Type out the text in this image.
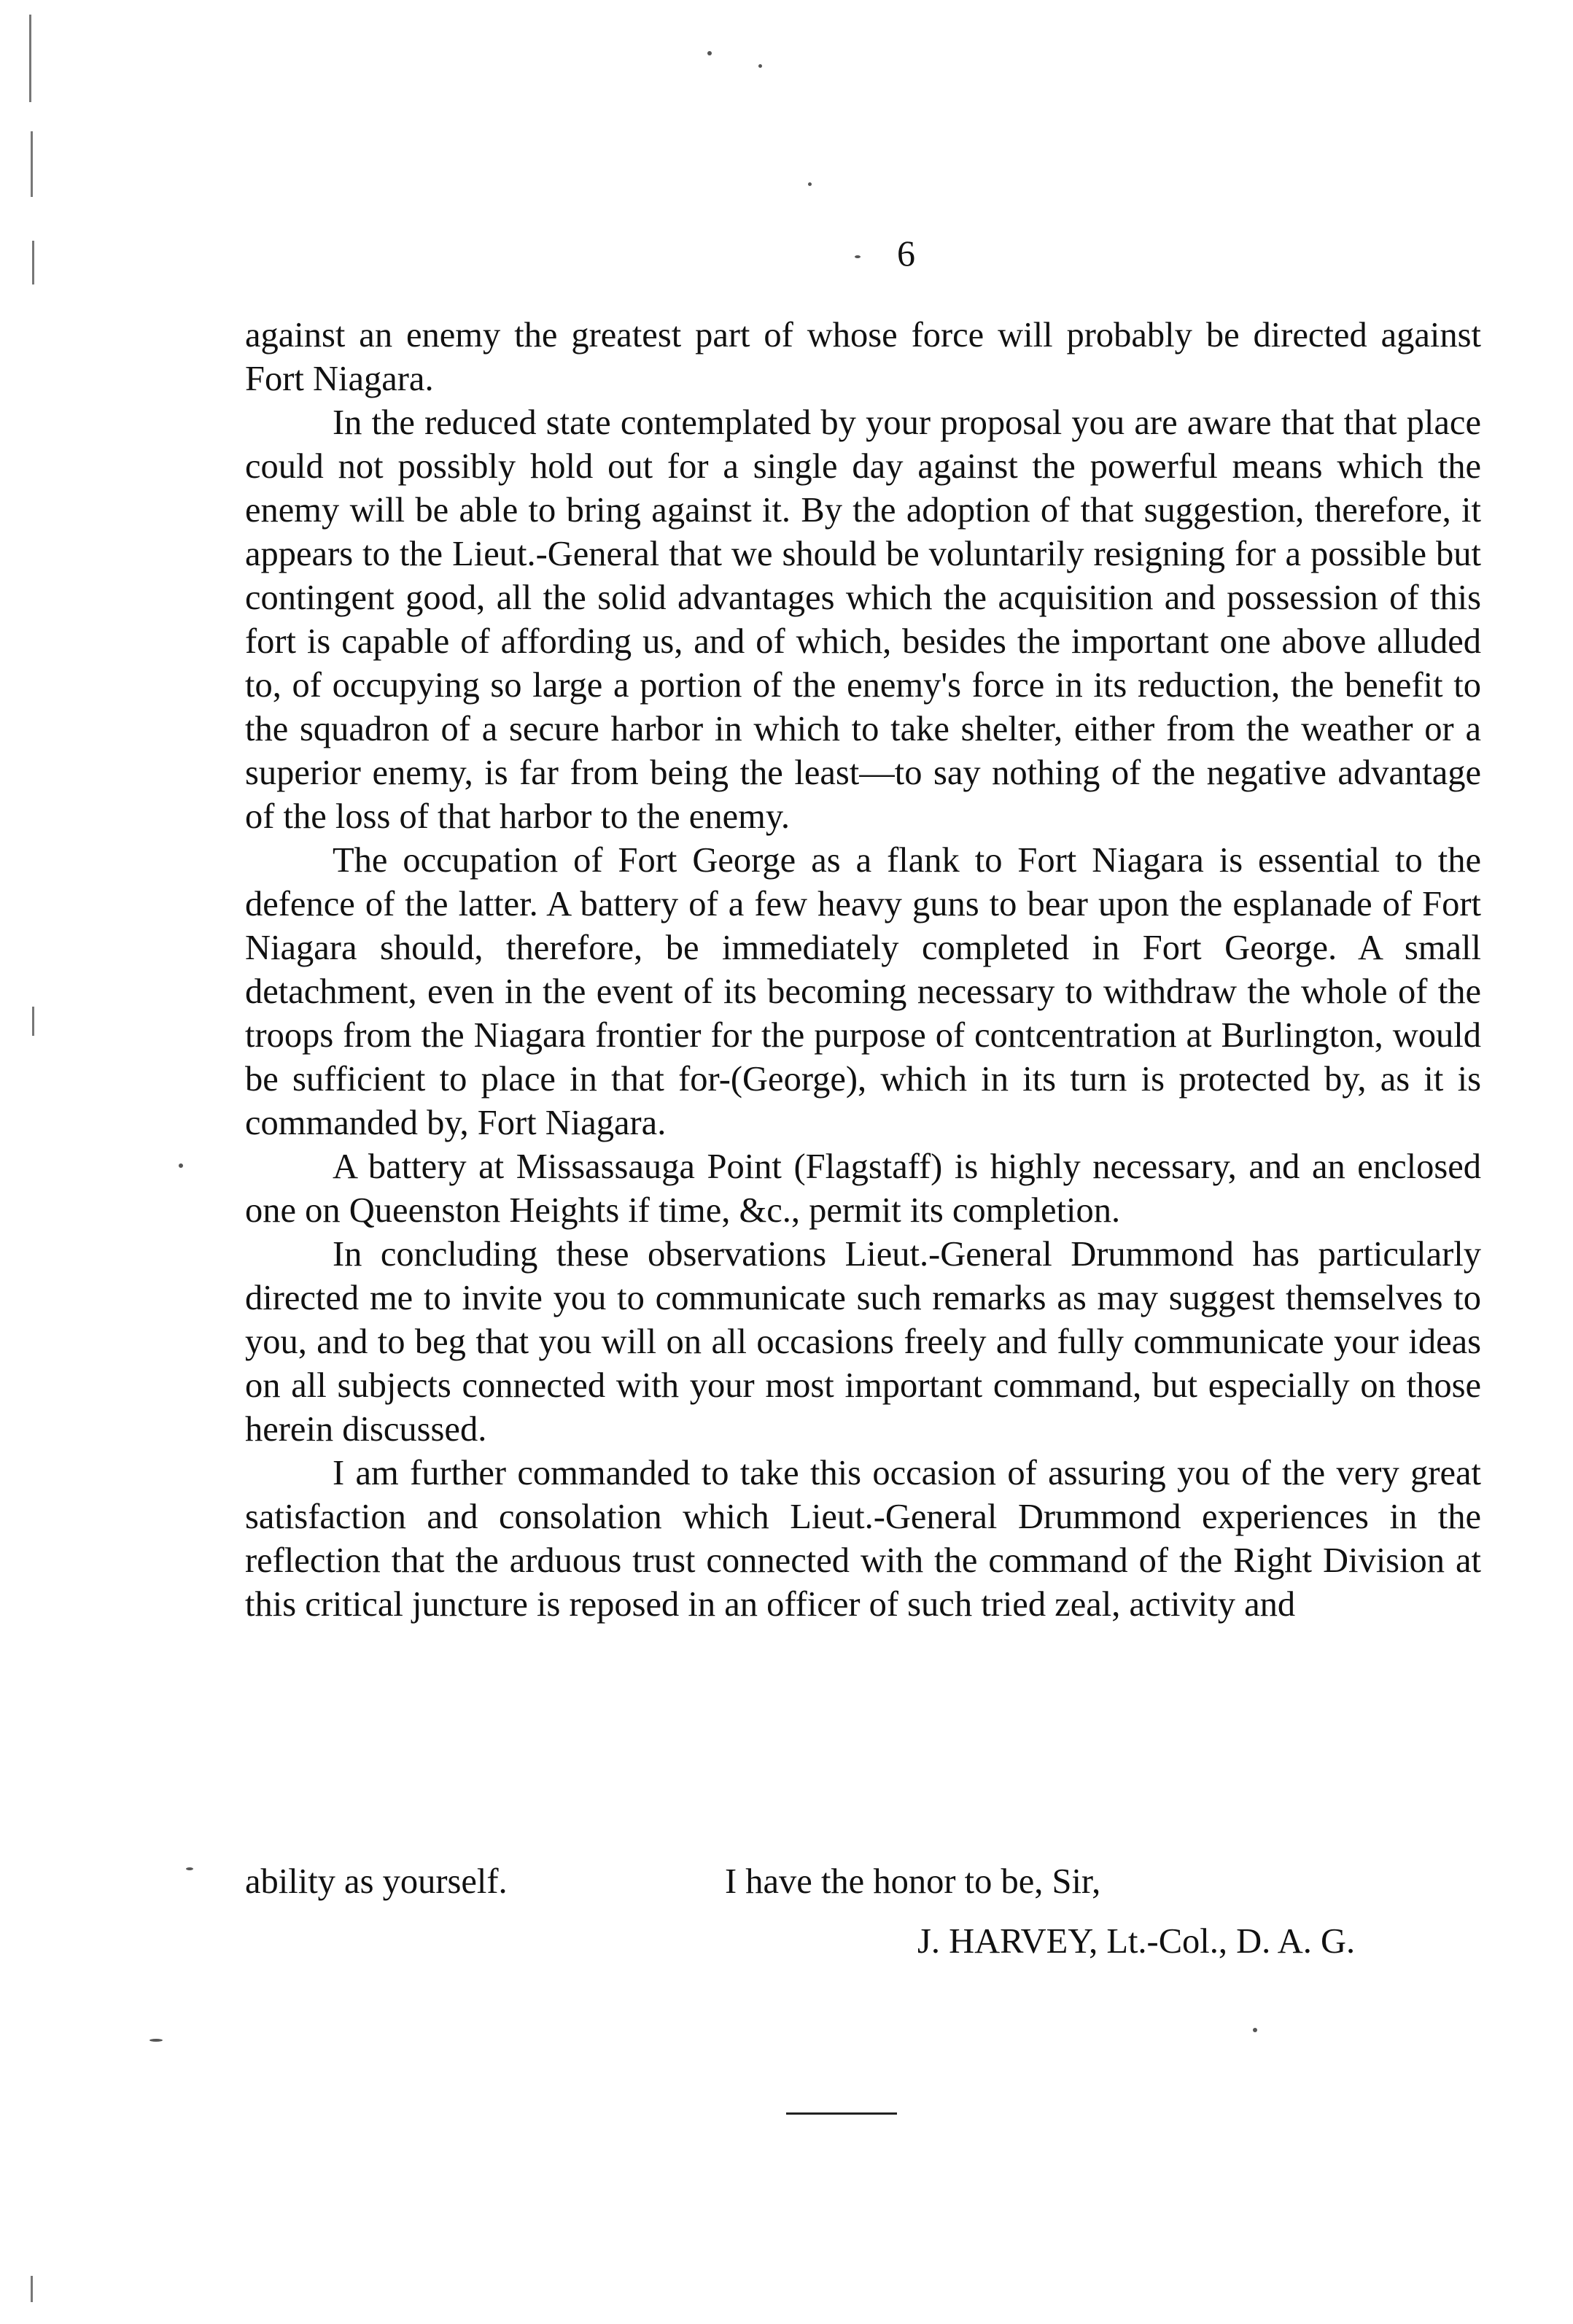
6

against an enemy the greatest part of whose force will probably be directed against Fort Niagara.

In the reduced state contemplated by your proposal you are aware that that place could not possibly hold out for a single day against the powerful means which the enemy will be able to bring against it. By the adoption of that suggestion, therefore, it appears to the Lieut.-General that we should be voluntarily resigning for a possible but contingent good, all the solid advantages which the acquisition and possession of this fort is capable of affording us, and of which, besides the important one above alluded to, of occupying so large a portion of the enemy's force in its reduction, the benefit to the squadron of a secure harbor in which to take shelter, either from the weather or a superior enemy, is far from being the least—to say nothing of the negative advantage of the loss of that harbor to the enemy.

The occupation of Fort George as a flank to Fort Niagara is essential to the defence of the latter. A battery of a few heavy guns to bear upon the esplanade of Fort Niagara should, therefore, be immediately completed in Fort George. A small detachment, even in the event of its becoming necessary to withdraw the whole of the troops from the Niagara frontier for the purpose of contcentration at Burlington, would be sufficient to place in that for-(George), which in its turn is protected by, as it is commanded by, Fort Niagara.

A battery at Missassauga Point (Flagstaff) is highly necessary, and an enclosed one on Queenston Heights if time, &c., permit its completion.

In concluding these observations Lieut.-General Drummond has particularly directed me to invite you to communicate such remarks as may suggest themselves to you, and to beg that you will on all occasions freely and fully communicate your ideas on all subjects connected with your most important command, but especially on those herein discussed.

I am further commanded to take this occasion of assuring you of the very great satisfaction and consolation which Lieut.-General Drummond experiences in the reflection that the arduous trust connected with the command of the Right Division at this critical juncture is reposed in an officer of such tried zeal, activity and

ability as yourself.	I have the honor to be, Sir,
J. HARVEY, Lt.-Col., D. A. G.
